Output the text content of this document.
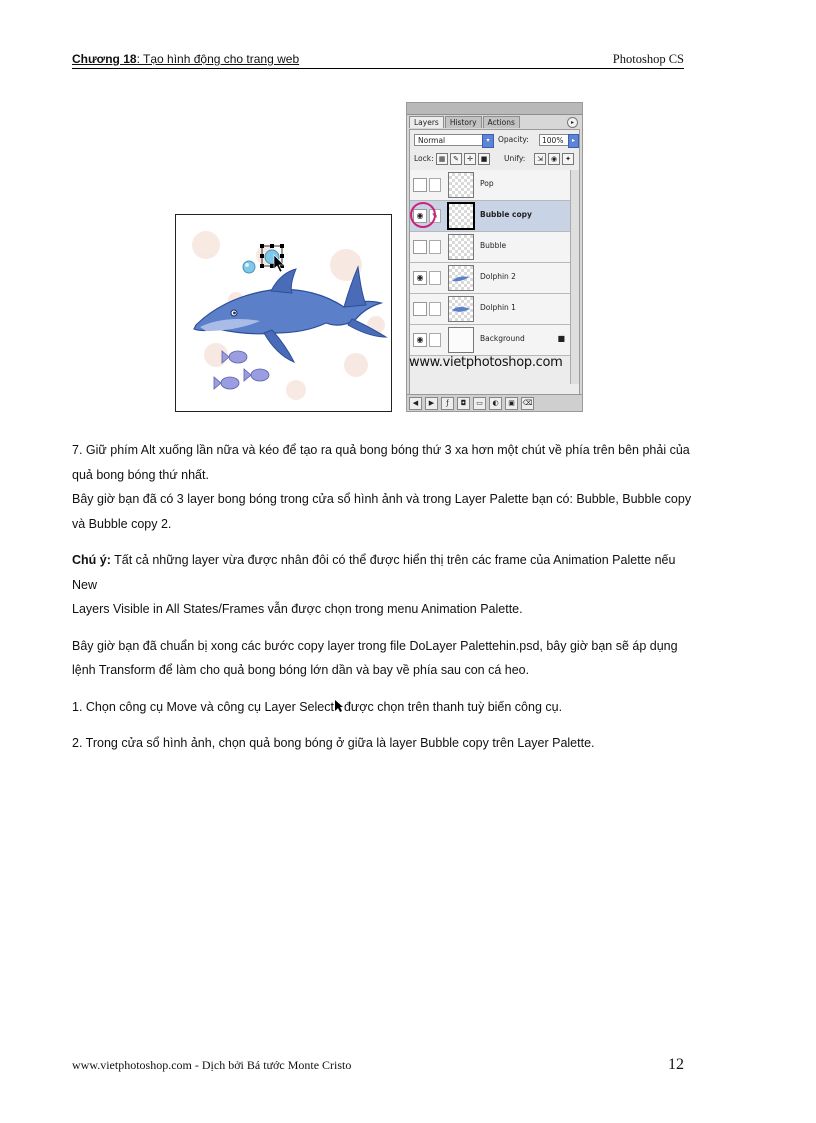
Chương 18: Tạo hình động cho trang web	Photoshop CS
Layers	History	Actions	▸
Normal	▾	Opacity:	100%	▸
Lock: ▦	✎	✛	■	Unify:	⇲	◉	✦
Pop
◉	✎	Bubble copy
Bubble
◉	Dolphin 2
Dolphin 1
◉	Background	■
www.vietphotoshop.com
◀	▶	ƒ	◘	▭	◐	▣	⌫

7. Giữ phím Alt xuống lần nữa và kéo để tạo ra quả bong bóng thứ 3 xa hơn một chút về phía trên bên phải của quả bong bóng thứ nhất.

Bây giờ bạn đã có 3 layer bong bóng trong cửa sổ hình ảnh và trong Layer Palette bạn có: Bubble, Bubble copy và Bubble copy 2.

Chú ý: Tất cả những layer vừa được nhân đôi có thể được hiển thị trên các frame của Animation Palette nếu New

Layers Visible in All States/Frames vẫn được chọn trong menu Animation Palette.

Bây giờ bạn đã chuẩn bị xong các bước copy layer trong file DoLayer Palettehin.psd, bây giờ bạn sẽ áp dụng lệnh Transform để làm cho quả bong bóng lớn dần và bay về phía sau con cá heo.

1. Chọn công cụ Move và công cụ Layer Select được chọn trên thanh tuỳ biến công cụ.

2. Trong cửa sổ hình ảnh, chọn quả bong bóng ở giữa là layer Bubble copy trên Layer Palette.

www.vietphotoshop.com - Dịch bởi Bá tước Monte Cristo	12
